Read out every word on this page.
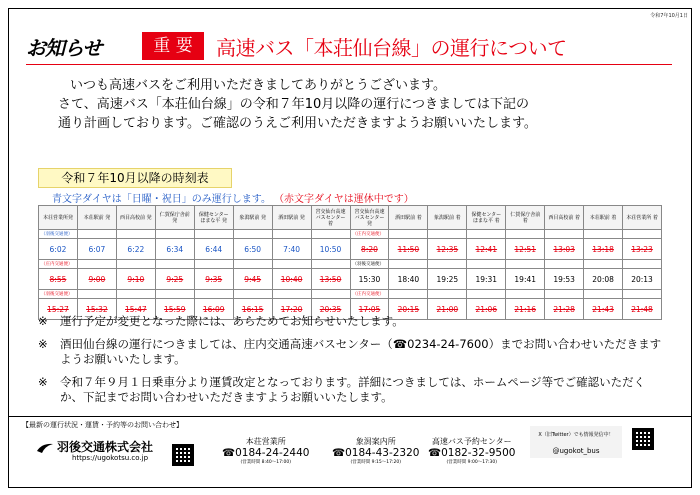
令和7年10月1日
お知らせ	重 要	高速バス「本荘仙台線」の運行について

いつも高速バスをご利用いただきましてありがとうございます。

さて、高速バス「本荘仙台線」の令和７年10月以降の運行につきましては下記の

通り計画しております。ご確認のうえご利用いただきますようお願いいたします。

令和７年10月以降の時刻表
青文字ダイヤは「日曜・祝日」のみ運行します。 （赤文字ダイヤは運休中です）
本荘営業所発	本荘駅前 発	西目高校前 発	仁賀保庁舎前 発	保健センター ほまな平 発	象潟駅前 発	酒田駅前 発	宮交仙台高速 バスセンター 着	宮交仙台高速 バスセンター 発	酒田駅前 着	象潟駅前 着	保健センター ほまな平 着	仁賀保庁舎前 着	西目高校前 着	本荘駅前 着	本荘営業所 着
（羽後交通便）								（庄内交通便）							
6:02	6:07	6:22	6:34	6:44	6:50	7:40	10:50	8:20	11:50	12:35	12:41	12:51	13:03	13:18	13:23
（庄内交通便）								（羽後交通便）							
8:55	9:00	9:10	9:25	9:35	9:45	10:40	13:50	15:30	18:40	19:25	19:31	19:41	19:53	20:08	20:13
（羽後交通便）								（庄内交通便）							
15:27	15:32	15:47	15:59	16:09	16:15	17:20	20:35	17:05	20:15	21:00	21:06	21:16	21:28	21:43	21:48
※ 運行予定が変更となった際には、あらためてお知らせいたします。
※ 酒田仙台線の運行につきましては、庄内交通高速バスセンター（☎0234-24-7600）までお問い合わせいただきますようお願いいたします。
※ 令和７年９月１日乗車分より運賃改定となっております。詳細につきましては、ホームページ等でご確認いただくか、下記までお問い合わせいただきますようお願いいたします。
【最新の運行状況・運賃・予約等のお問い合わせ】
羽後交通株式会社
https://ugokotsu.co.jp
本荘営業所
☎0184-24-2440
(営業時間 8:40〜17:00)
象潟案内所
☎0184-43-2320
(営業時間 9:15〜17:20)
高速バス予約センター
☎0182-32-9500
(営業時間 9:00〜17:30)
X（旧Twitter）でも情報発信中！
@ugokot_bus
